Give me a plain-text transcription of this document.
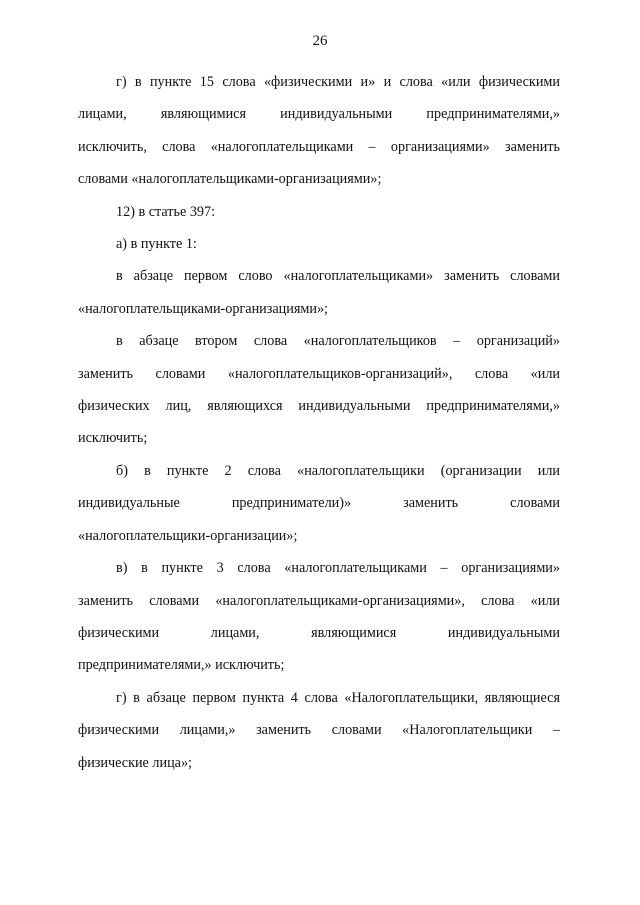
26
г) в пункте 15 слова «физическими и» и слова «или физическими
лицами, являющимися индивидуальными предпринимателями,»
исключить, слова «налогоплательщиками – организациями» заменить
словами «налогоплательщиками-организациями»;
12) в статье 397:
а) в пункте 1:
в абзаце первом слово «налогоплательщиками» заменить словами
«налогоплательщиками-организациями»;
в абзаце втором слова «налогоплательщиков – организаций»
заменить словами «налогоплательщиков-организаций», слова «или
физических лиц, являющихся индивидуальными предпринимателями,»
исключить;
б) в пункте 2 слова «налогоплательщики (организации или
индивидуальные предприниматели)» заменить словами
«налогоплательщики-организации»;
в) в пункте 3 слова «налогоплательщиками – организациями»
заменить словами «налогоплательщиками-организациями», слова «или
физическими лицами, являющимися индивидуальными
предпринимателями,» исключить;
г) в абзаце первом пункта 4 слова «Налогоплательщики, являющиеся
физическими лицами,» заменить словами «Налогоплательщики –
физические лица»;
